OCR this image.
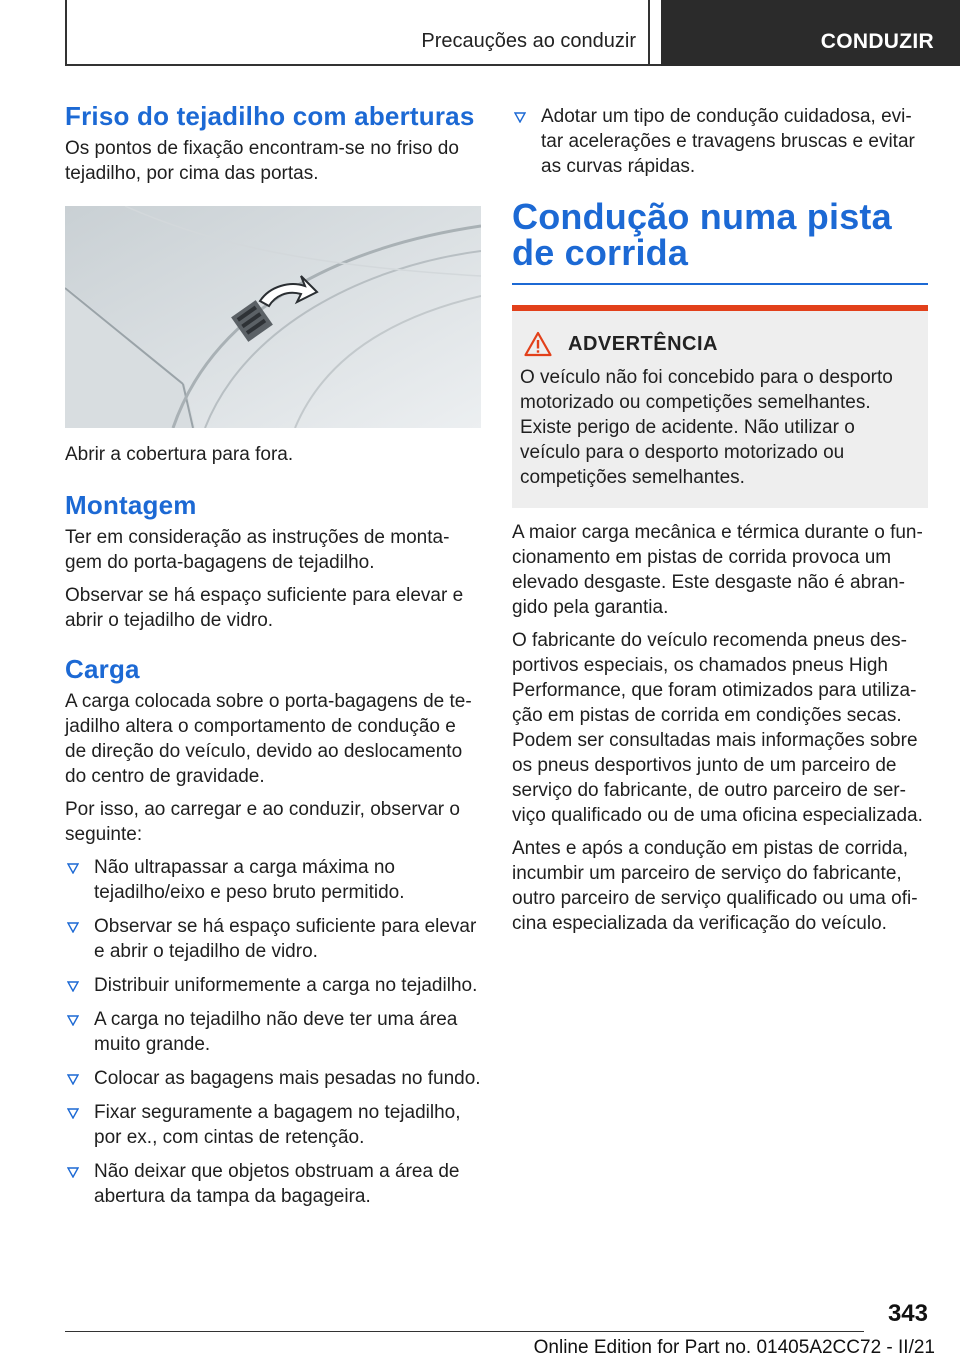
Precauções ao conduzir	CONDUZIR
Friso do tejadilho com aberturas

Os pontos de fixação encontram-se no friso do tejadilho, por cima das portas.

Abrir a cobertura para fora.

Montagem

Ter em consideração as instruções de monta-gem do porta-bagagens de tejadilho.

Observar se há espaço suficiente para elevar e abrir o tejadilho de vidro.

Carga

A carga colocada sobre o porta-bagagens de te-jadilho altera o comportamento de condução e de direção do veículo, devido ao deslocamento do centro de gravidade.

Por isso, ao carregar e ao conduzir, observar o seguinte:

Não ultrapassar a carga máxima no tejadilho/eixo e peso bruto permitido.
Observar se há espaço suficiente para elevar e abrir o tejadilho de vidro.
Distribuir uniformemente a carga no tejadilho.
A carga no tejadilho não deve ter uma área muito grande.
Colocar as bagagens mais pesadas no fundo.
Fixar seguramente a bagagem no tejadilho, por ex., com cintas de retenção.
Não deixar que objetos obstruam a área de abertura da tampa da bagageira.
Adotar um tipo de condução cuidadosa, evi-tar acelerações e travagens bruscas e evitar as curvas rápidas.
Condução numa pista de corrida
ADVERTÊNCIA

O veículo não foi concebido para o desporto motorizado ou competições semelhantes. Existe perigo de acidente. Não utilizar o veículo para o desporto motorizado ou competições semelhantes.

A maior carga mecânica e térmica durante o fun-cionamento em pistas de corrida provoca um elevado desgaste. Este desgaste não é abran-gido pela garantia.

O fabricante do veículo recomenda pneus des-portivos especiais, os chamados pneus High Performance, que foram otimizados para utiliza-ção em pistas de corrida em condições secas. Podem ser consultadas mais informações sobre os pneus desportivos junto de um parceiro de serviço do fabricante, de outro parceiro de ser-viço qualificado ou de uma oficina especializada.

Antes e após a condução em pistas de corrida, incumbir um parceiro de serviço do fabricante, outro parceiro de serviço qualificado ou uma ofi-cina especializada da verificação do veículo.

343
Online Edition for Part no. 01405A2CC72 - II/21
